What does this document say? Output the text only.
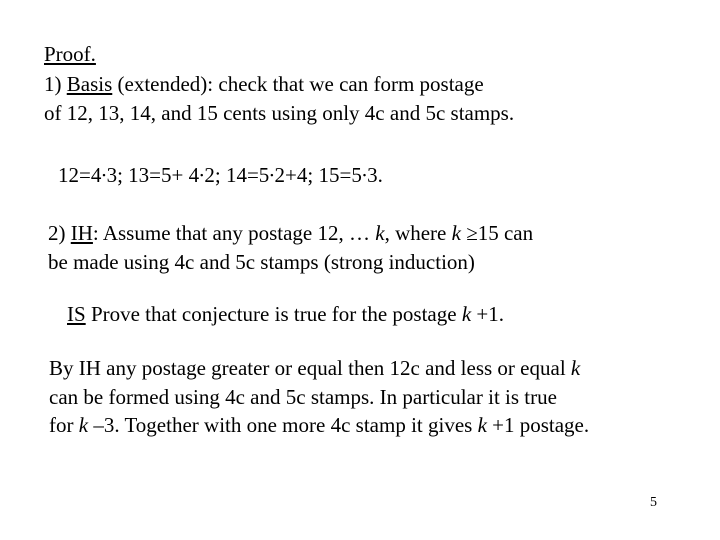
Proof.
1) Basis (extended): check that we can form postage
of 12, 13, 14, and 15 cents using only 4c and 5c stamps.
12=4∙3; 13=5+ 4∙2; 14=5∙2+4; 15=5∙3.
2) IH: Assume that any postage 12, … k, where k ≥15 can
be made using 4c and 5c stamps (strong induction)
IS Prove that conjecture is true for the postage k +1.
By IH any postage greater or equal then 12c and less or equal k
can be formed using 4c and 5c stamps. In particular it is true
for k –3. Together with one more 4c stamp it gives k +1 postage.
5
